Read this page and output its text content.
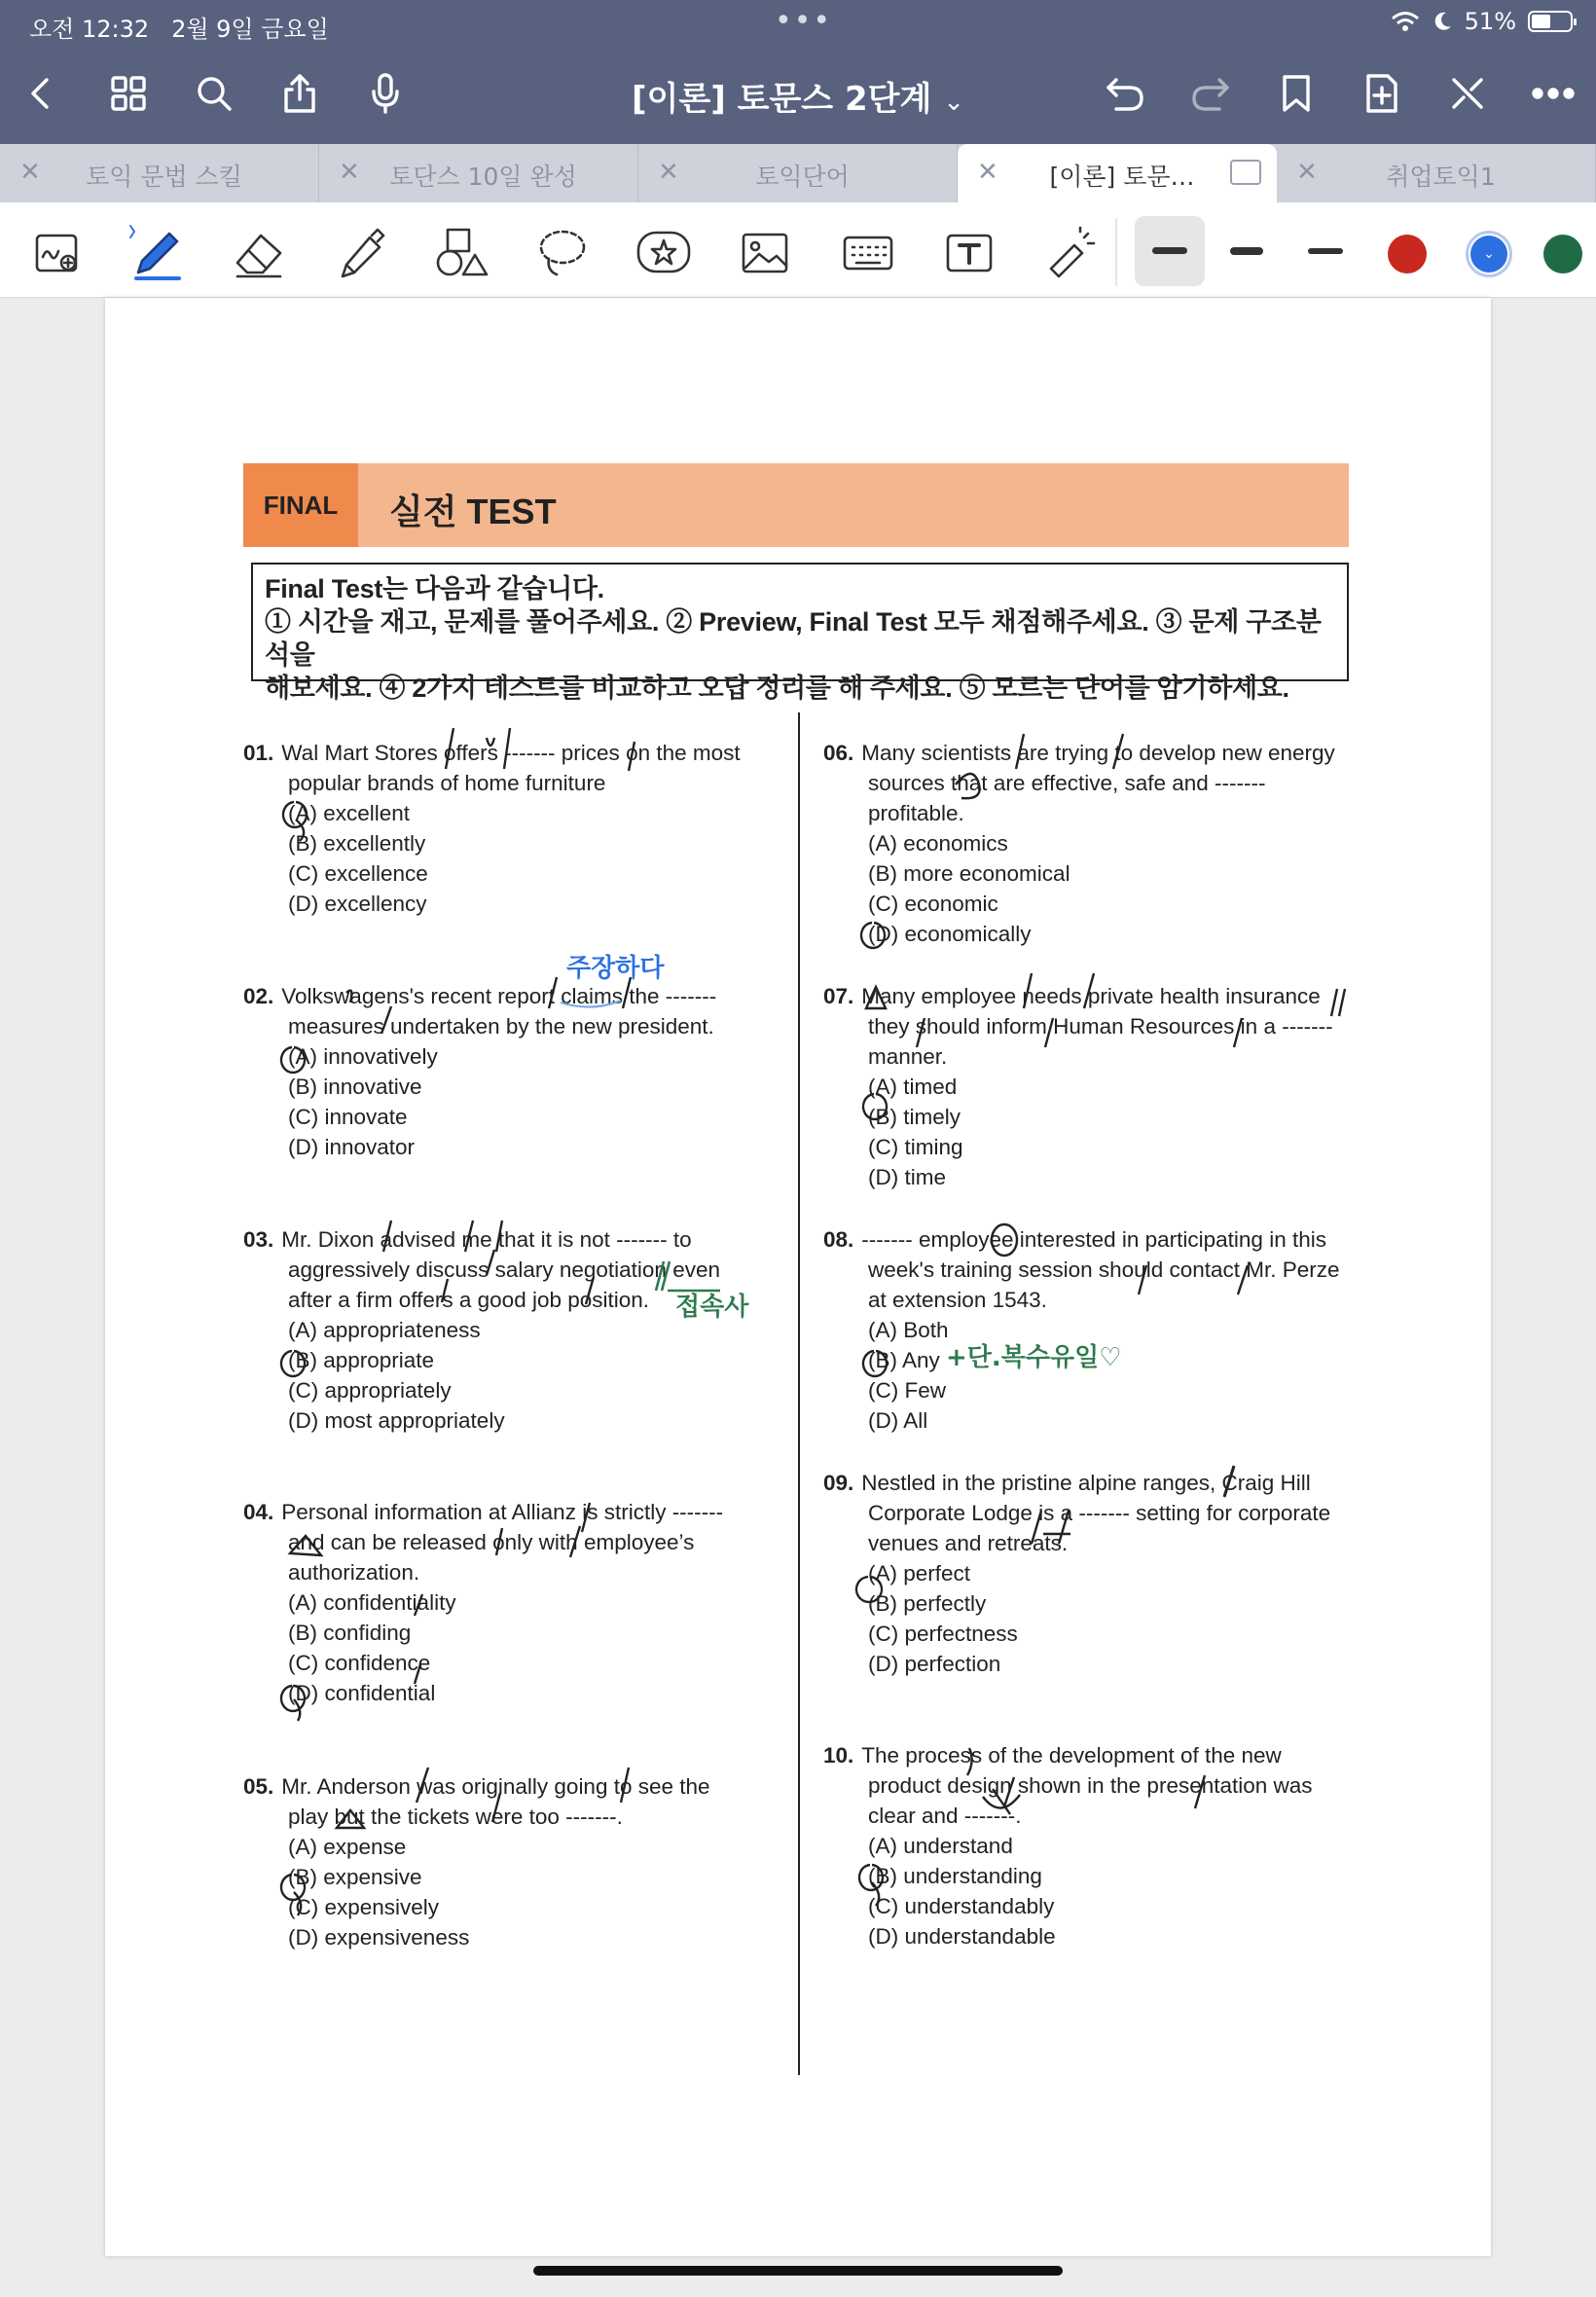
오전 12:32 2월 9일 금요일	•••	51%
[이론] 토문스 2단계 ⌄
✕	토익 문법 스킬	✕	토단스 10일 완성	✕	토익단어	✕	[이론] 토문…	✕	취업토익1
⌄
FINAL	실전 TEST
Final Test는 다음과 같습니다.
① 시간을 재고, 문제를 풀어주세요. ② Preview, Final Test 모두 채점해주세요. ③ 문제 구조분석을
해보세요. ④ 2가지 테스트를 비교하고 오답 정리를 해 주세요. ⑤ 모르는 단어를 암기하세요.
01. Wal Mart Stores offers ------- prices on the most
popular brands of home furniture
(A) excellent
(B) excellently
(C) excellence
(D) excellency
02. Volkswagens's recent report claims the -------
measures undertaken by the new president.
(A) innovatively
(B) innovative
(C) innovate
(D) innovator
03. Mr. Dixon advised me that it is not ------- to
aggressively discuss salary negotiation even
after a firm offers a good job position.
(A) appropriateness
(B) appropriate
(C) appropriately
(D) most appropriately
04. Personal information at Allianz is strictly -------
and can be released only with employee’s
authorization.
(A) confidentiality
(B) confiding
(C) confidence
(D) confidential
05. Mr. Anderson was originally going to see the
play but the tickets were too -------.
(A) expense
(B) expensive
(C) expensively
(D) expensiveness
06. Many scientists are trying to develop new energy
sources that are effective, safe and -------
profitable.
(A) economics
(B) more economical
(C) economic
(D) economically
07. Many employee needs private health insurance
they should inform Human Resources in a -------
manner.
(A) timed
(B) timely
(C) timing
(D) time
08. ------- employee interested in participating in this
week's training session should contact Mr. Perze
at extension 1543.
(A) Both
(B) Any
(C) Few
(D) All
09. Nestled in the pristine alpine ranges, Craig Hill
Corporate Lodge is a ------- setting for corporate
venues and retreats.
(A) perfect
(B) perfectly
(C) perfectness
(D) perfection
10. The process of the development of the new
product design shown in the presentation was
clear and -------.
(A) understand
(B) understanding
(C) understandably
(D) understandable
주장하다
접속사
+단.복수유일♡
